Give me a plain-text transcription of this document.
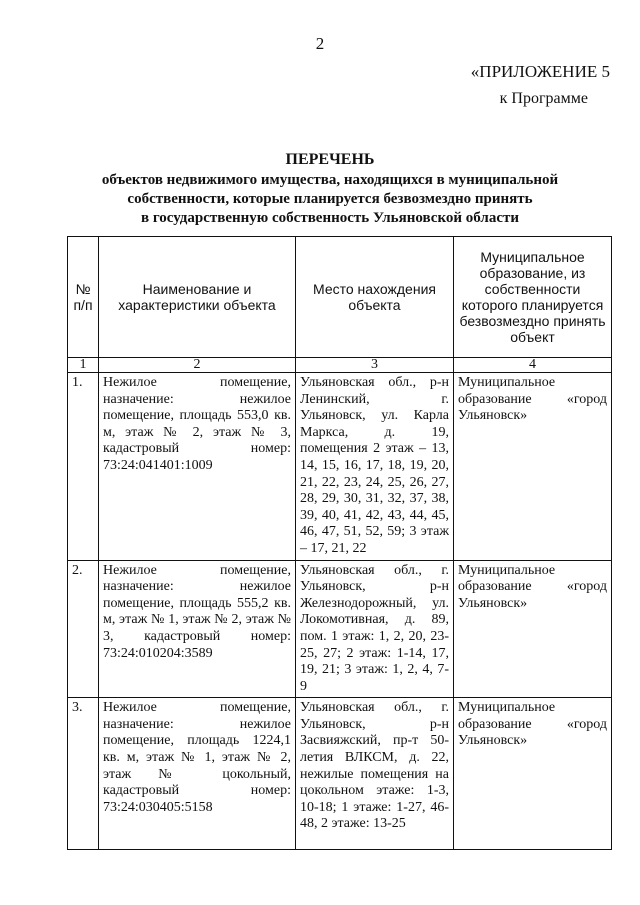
2
«ПРИЛОЖЕНИЕ 5
к Программе
ПЕРЕЧЕНЬ
объектов недвижимого имущества, находящихся в муниципальной
собственности, которые планируется безвозмездно принять
в государственную собственность Ульяновской области
№ п/п	Наименование и характеристики объекта	Место нахождения объекта	Муниципальное образование, из собственности которого планируется безвозмездно принять объект
1	2	3	4
1.	Нежилое помещение, назначение: нежилое помещение, площадь 553,0 кв. м, этаж № 2, этаж № 3, кадастровый номер: 73:24:041401:1009	Ульяновская обл., р-н Ленинский, г. Ульяновск, ул. Карла Маркса, д. 19, помещения 2 этаж – 13, 14, 15, 16, 17, 18, 19, 20, 21, 22, 23, 24, 25, 26, 27, 28, 29, 30, 31, 32, 37, 38, 39, 40, 41, 42, 43, 44, 45, 46, 47, 51, 52, 59; 3 этаж – 17, 21, 22	Муниципальное образование «город Ульяновск»
2.	Нежилое помещение, назначение: нежилое помещение, площадь 555,2 кв. м, этаж № 1, этаж № 2, этаж № 3, кадастровый номер: 73:24:010204:3589	Ульяновская обл., г. Ульяновск, р-н Железнодорожный, ул. Локомотивная, д. 89, пом. 1 этаж: 1, 2, 20, 23-25, 27; 2 этаж: 1-14, 17, 19, 21; 3 этаж: 1, 2, 4, 7-9	Муниципальное образование «город Ульяновск»
3.	Нежилое помещение, назначение: нежилое помещение, площадь 1224,1 кв. м, этаж № 1, этаж № 2, этаж № цокольный, кадастровый номер: 73:24:030405:5158	Ульяновская обл., г. Ульяновск, р-н Засвияжский, пр-т 50-летия ВЛКСМ, д. 22, нежилые помещения на цокольном этаже: 1-3, 10-18; 1 этаже: 1-27, 46-48, 2 этаже: 13-25	Муниципальное образование «город Ульяновск»
